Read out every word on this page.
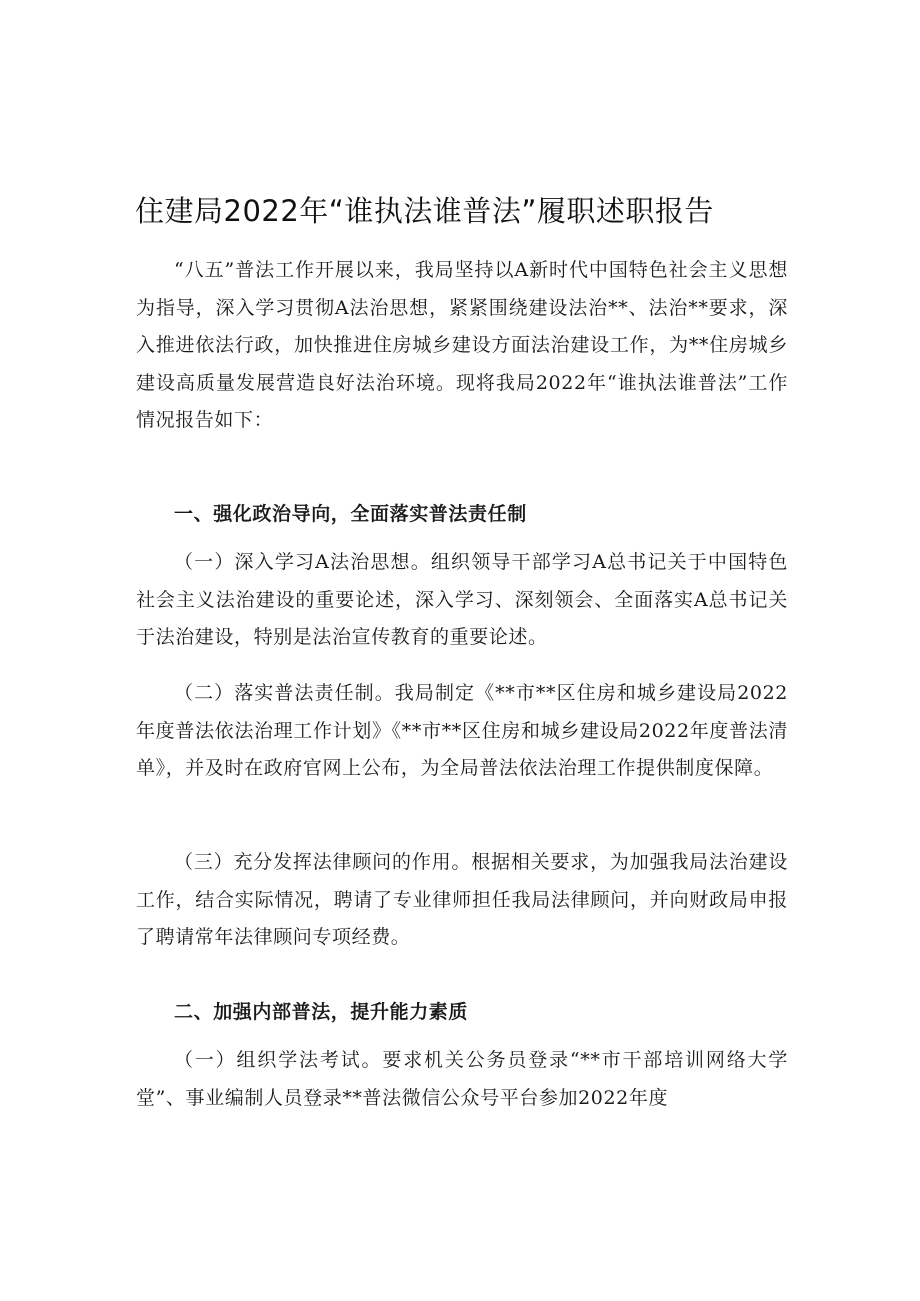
住建局2022年“谁执法谁普法”履职述职报告

“八五”普法工作开展以来，我局坚持以A新时代中国特色社会主义思想为指导，深入学习贯彻A法治思想，紧紧围绕建设法治**、法治**要求，深入推进依法行政，加快推进住房城乡建设方面法治建设工作，为**住房城乡建设高质量发展营造良好法治环境。现将我局2022年“谁执法谁普法”工作情况报告如下：

一、强化政治导向，全面落实普法责任制

（一）深入学习A法治思想。组织领导干部学习A总书记关于中国特色社会主义法治建设的重要论述，深入学习、深刻领会、全面落实A总书记关于法治建设，特别是法治宣传教育的重要论述。

（二）落实普法责任制。我局制定《**市**区住房和城乡建设局2022年度普法依法治理工作计划》《**市**区住房和城乡建设局2022年度普法清单》，并及时在政府官网上公布，为全局普法依法治理工作提供制度保障。

（三）充分发挥法律顾问的作用。根据相关要求，为加强我局法治建设工作，结合实际情况，聘请了专业律师担任我局法律顾问，并向财政局申报了聘请常年法律顾问专项经费。

二、加强内部普法，提升能力素质

（一）组织学法考试。要求机关公务员登录“**市干部培训网络大学堂”、事业编制人员登录**普法微信公众号平台参加2022年度
